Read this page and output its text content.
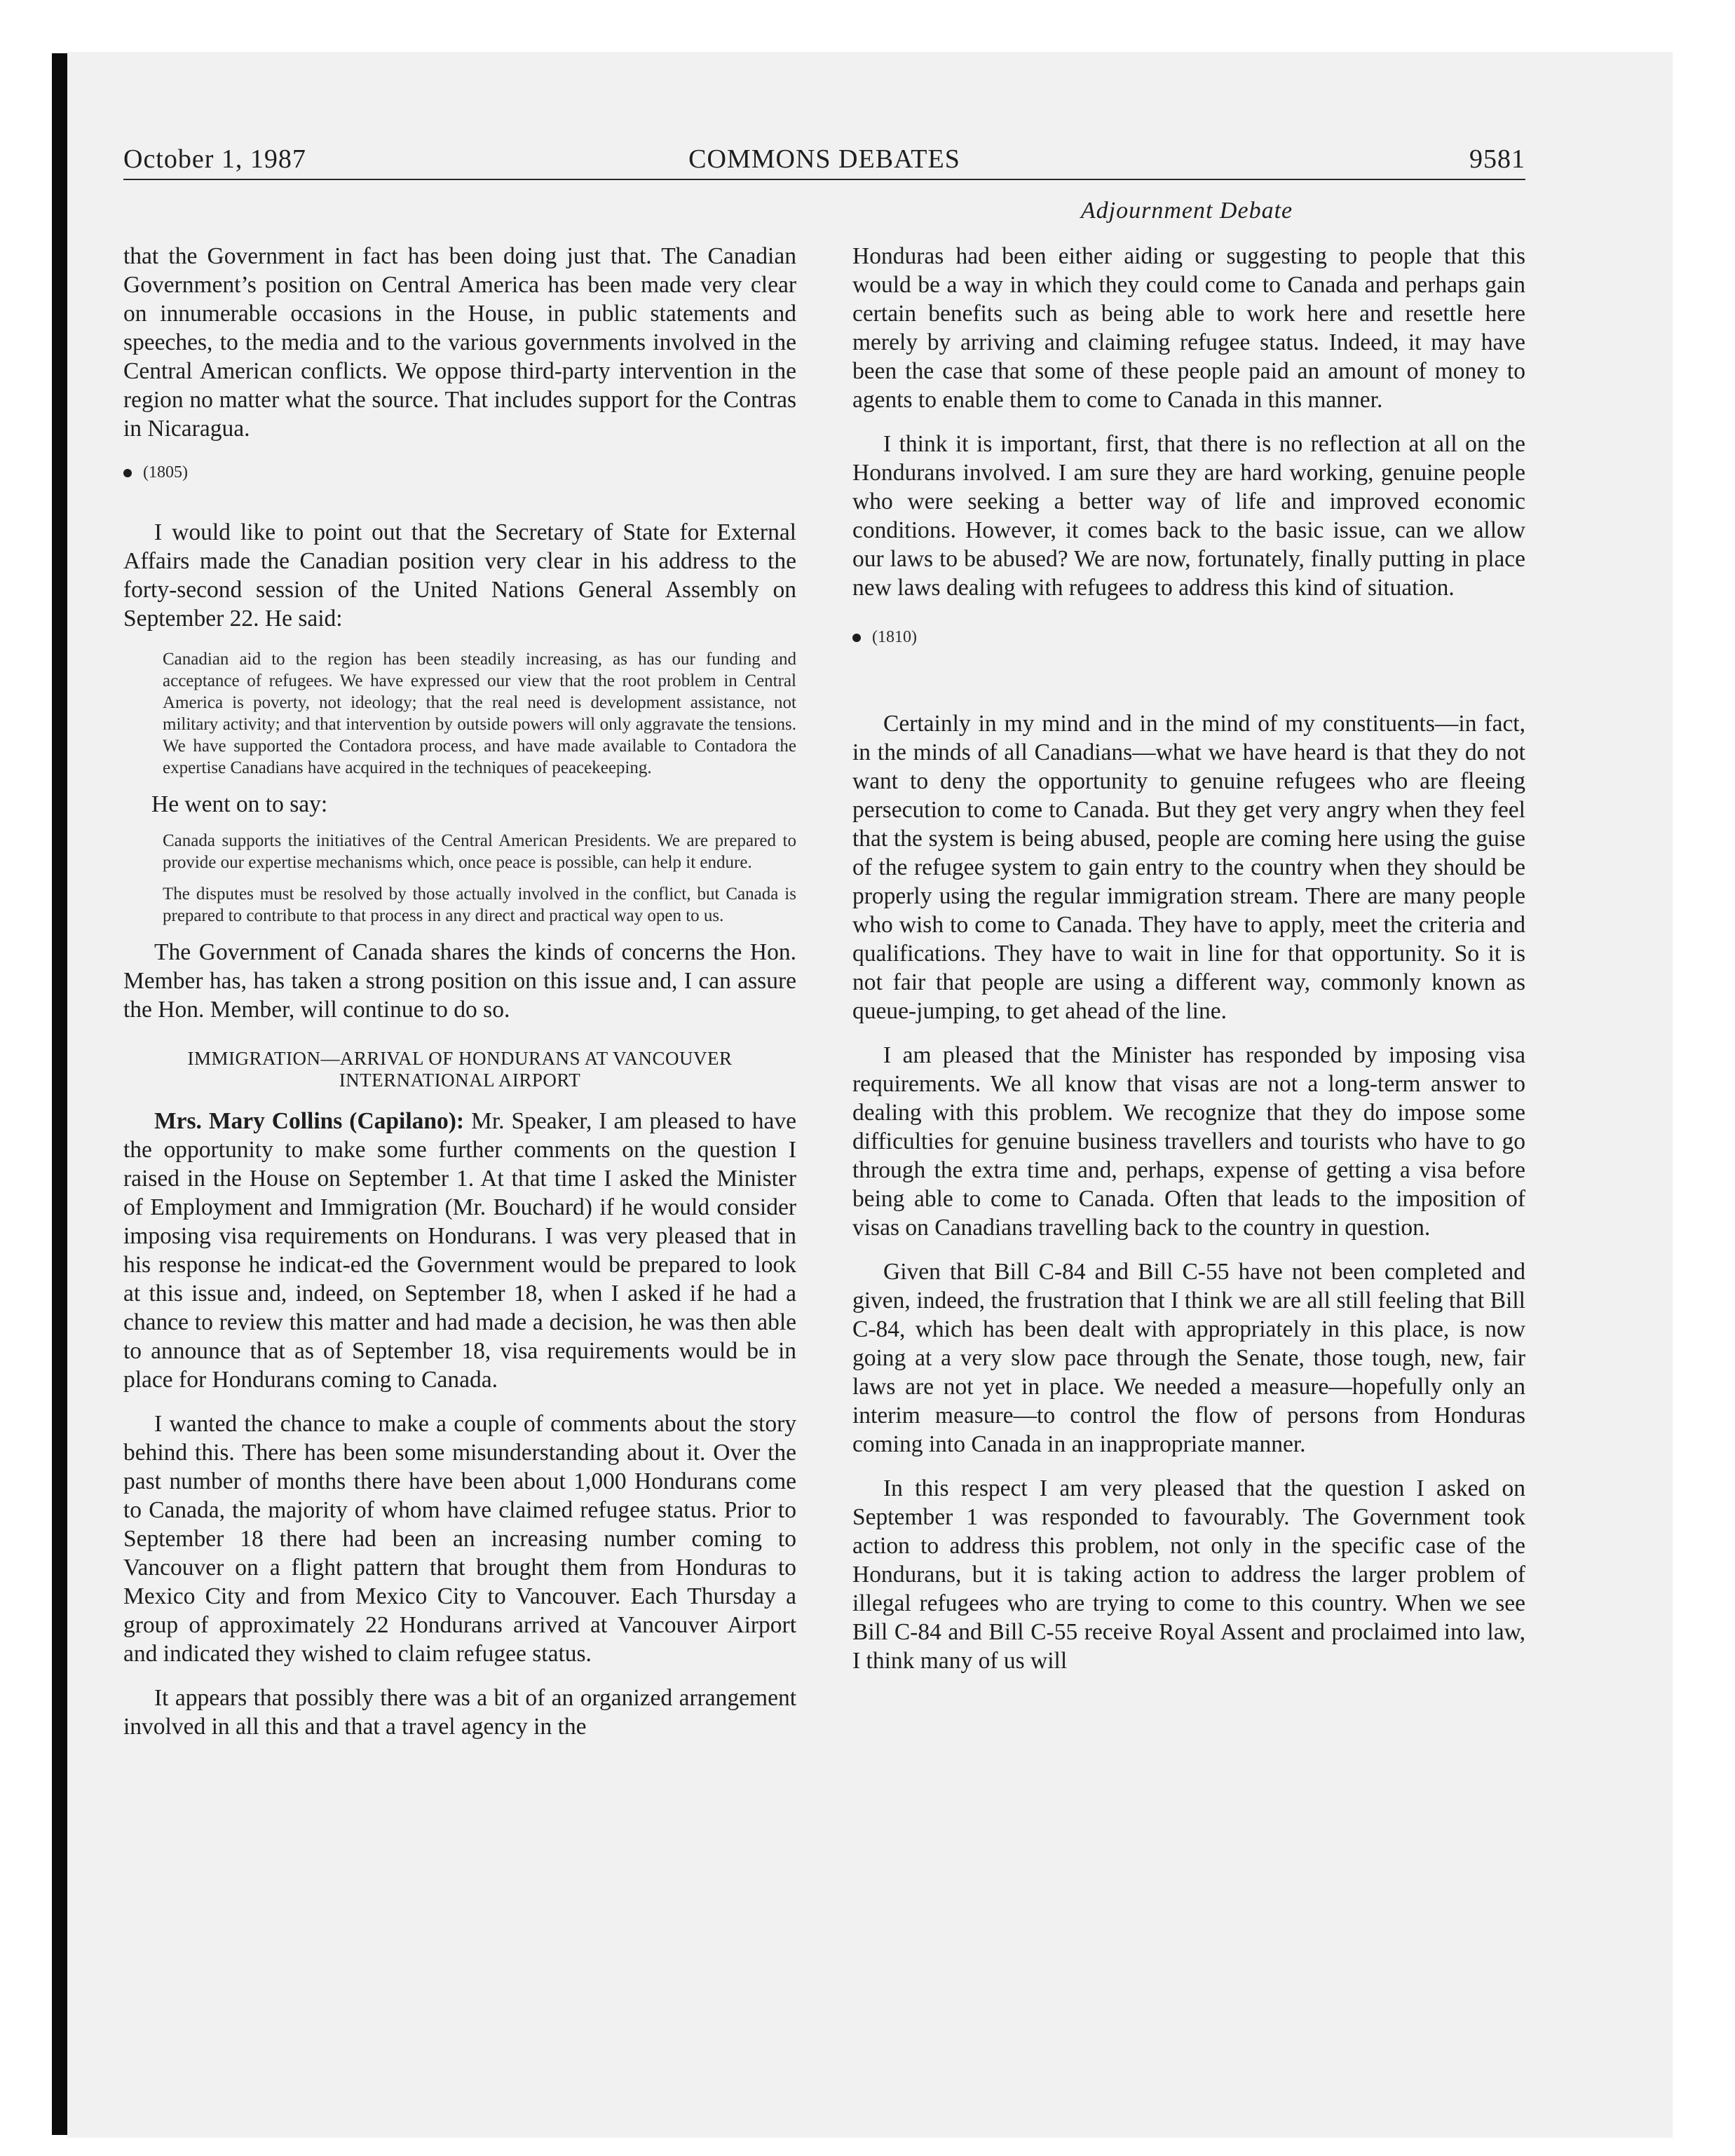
October 1, 1987	COMMONS DEBATES	9581
Adjournment Debate

that the Government in fact has been doing just that. The Canadian Government’s position on Central America has been made very clear on innumerable occasions in the House, in public statements and speeches, to the media and to the various governments involved in the Central American conflicts. We oppose third-party intervention in the region no matter what the source. That includes support for the Contras in Nicaragua.

(1805)

I would like to point out that the Secretary of State for External Affairs made the Canadian position very clear in his address to the forty-second session of the United Nations General Assembly on September 22. He said:

Canadian aid to the region has been steadily increasing, as has our funding and acceptance of refugees. We have expressed our view that the root problem in Central America is poverty, not ideology; that the real need is development assistance, not military activity; and that intervention by outside powers will only aggravate the tensions. We have supported the Contadora process, and have made available to Contadora the expertise Canadians have acquired in the techniques of peacekeeping.

He went on to say:

Canada supports the initiatives of the Central American Presidents. We are prepared to provide our expertise mechanisms which, once peace is possible, can help it endure.

The disputes must be resolved by those actually involved in the conflict, but Canada is prepared to contribute to that process in any direct and practical way open to us.

The Government of Canada shares the kinds of concerns the Hon. Member has, has taken a strong position on this issue and, I can assure the Hon. Member, will continue to do so.

IMMIGRATION—ARRIVAL OF HONDURANS AT VANCOUVER
INTERNATIONAL AIRPORT

Mrs. Mary Collins (Capilano): Mr. Speaker, I am pleased to have the opportunity to make some further comments on the question I raised in the House on September 1. At that time I asked the Minister of Employment and Immigration (Mr. Bouchard) if he would consider imposing visa requirements on Hondurans. I was very pleased that in his response he indicat-ed the Government would be prepared to look at this issue and, indeed, on September 18, when I asked if he had a chance to review this matter and had made a decision, he was then able to announce that as of September 18, visa requirements would be in place for Hondurans coming to Canada.

I wanted the chance to make a couple of comments about the story behind this. There has been some misunderstanding about it. Over the past number of months there have been about 1,000 Hondurans come to Canada, the majority of whom have claimed refugee status. Prior to September 18 there had been an increasing number coming to Vancouver on a flight pattern that brought them from Honduras to Mexico City and from Mexico City to Vancouver. Each Thursday a group of approximately 22 Hondurans arrived at Vancouver Airport and indicated they wished to claim refugee status.

It appears that possibly there was a bit of an organized arrangement involved in all this and that a travel agency in the

Honduras had been either aiding or suggesting to people that this would be a way in which they could come to Canada and perhaps gain certain benefits such as being able to work here and resettle here merely by arriving and claiming refugee status. Indeed, it may have been the case that some of these people paid an amount of money to agents to enable them to come to Canada in this manner.

I think it is important, first, that there is no reflection at all on the Hondurans involved. I am sure they are hard working, genuine people who were seeking a better way of life and improved economic conditions. However, it comes back to the basic issue, can we allow our laws to be abused? We are now, fortunately, finally putting in place new laws dealing with refugees to address this kind of situation.

(1810)

Certainly in my mind and in the mind of my constituents—in fact, in the minds of all Canadians—what we have heard is that they do not want to deny the opportunity to genuine refugees who are fleeing persecution to come to Canada. But they get very angry when they feel that the system is being abused, people are coming here using the guise of the refugee system to gain entry to the country when they should be properly using the regular immigration stream. There are many people who wish to come to Canada. They have to apply, meet the criteria and qualifications. They have to wait in line for that opportunity. So it is not fair that people are using a different way, commonly known as queue-jumping, to get ahead of the line.

I am pleased that the Minister has responded by imposing visa requirements. We all know that visas are not a long-term answer to dealing with this problem. We recognize that they do impose some difficulties for genuine business travellers and tourists who have to go through the extra time and, perhaps, expense of getting a visa before being able to come to Canada. Often that leads to the imposition of visas on Canadians travelling back to the country in question.

Given that Bill C-84 and Bill C-55 have not been completed and given, indeed, the frustration that I think we are all still feeling that Bill C-84, which has been dealt with appropriately in this place, is now going at a very slow pace through the Senate, those tough, new, fair laws are not yet in place. We needed a measure—hopefully only an interim measure—to control the flow of persons from Honduras coming into Canada in an inappropriate manner.

In this respect I am very pleased that the question I asked on September 1 was responded to favourably. The Government took action to address this problem, not only in the specific case of the Hondurans, but it is taking action to address the larger problem of illegal refugees who are trying to come to this country. When we see Bill C-84 and Bill C-55 receive Royal Assent and proclaimed into law, I think many of us will
